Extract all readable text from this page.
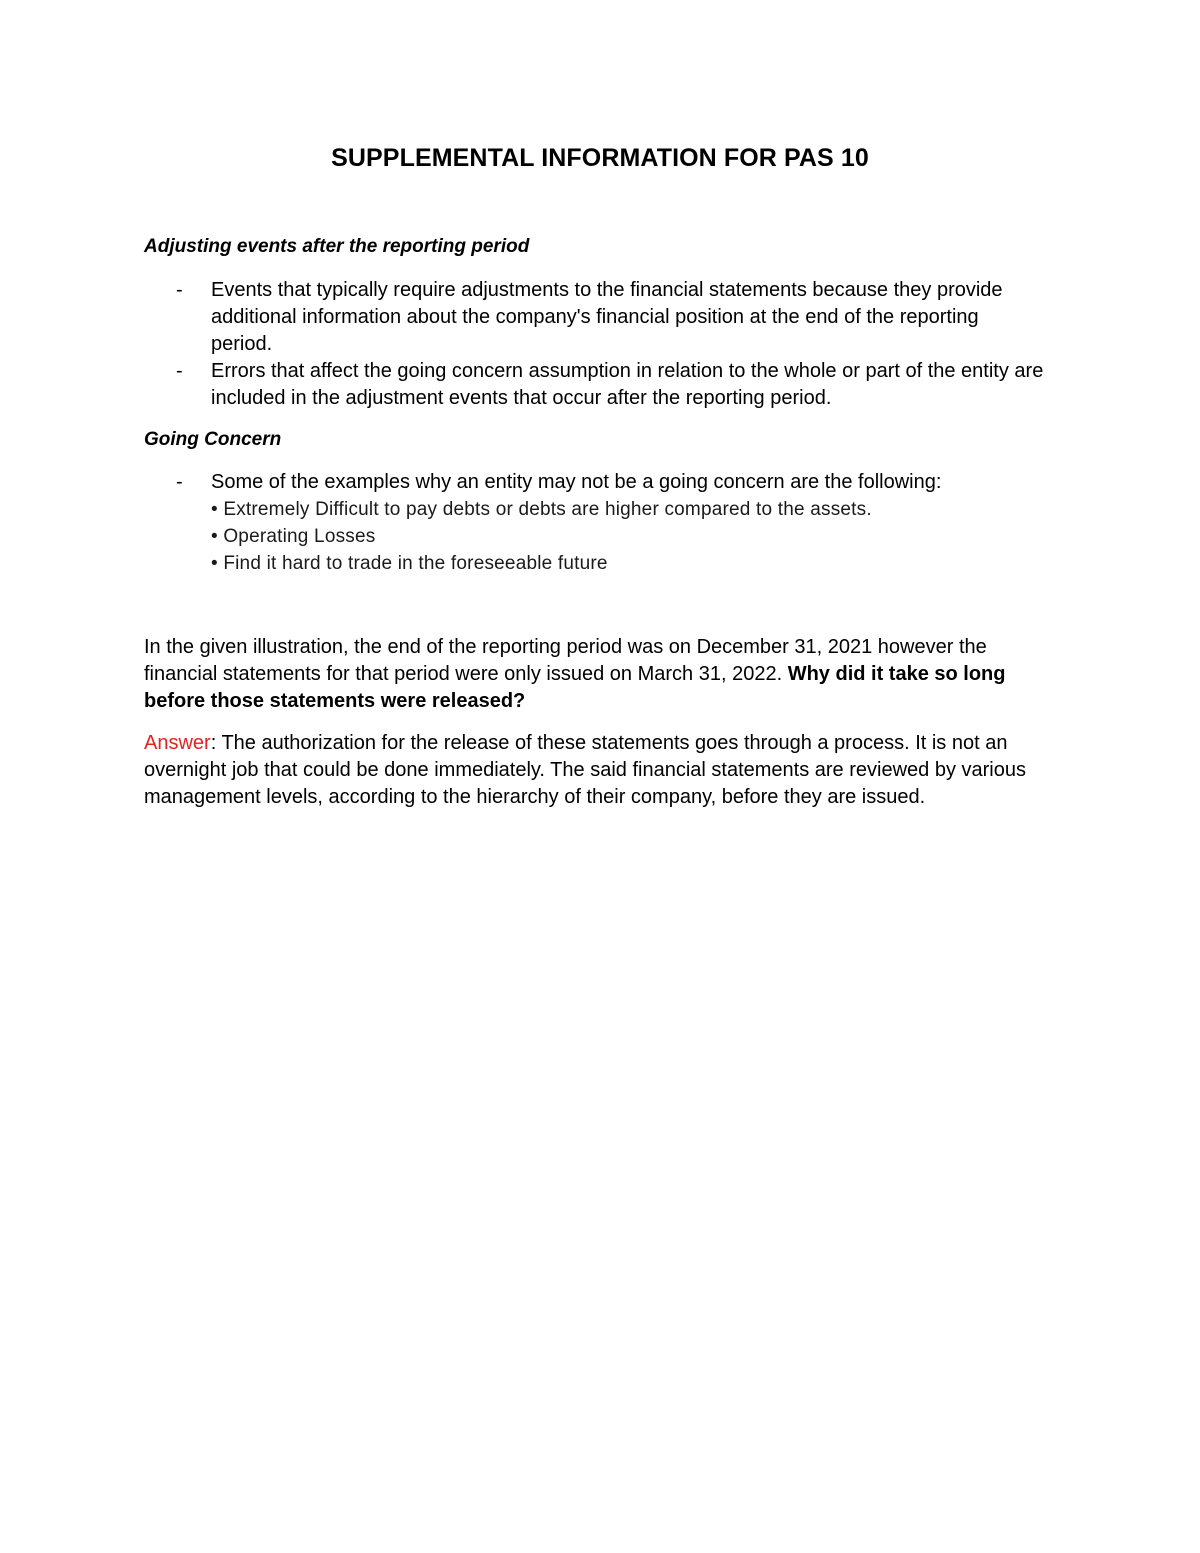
SUPPLEMENTAL INFORMATION FOR PAS 10
Adjusting events after the reporting period
- Events that typically require adjustments to the financial statements because they provide additional information about the company's financial position at the end of the reporting period.
- Errors that affect the going concern assumption in relation to the whole or part of the entity are included in the adjustment events that occur after the reporting period.
Going Concern
- Some of the examples why an entity may not be a going concern are the following:
• Extremely Difficult to pay debts or debts are higher compared to the assets.
• Operating Losses
• Find it hard to trade in the foreseeable future

In the given illustration, the end of the reporting period was on December 31, 2021 however the financial statements for that period were only issued on March 31, 2022. Why did it take so long before those statements were released?

Answer: The authorization for the release of these statements goes through a process. It is not an overnight job that could be done immediately. The said financial statements are reviewed by various management levels, according to the hierarchy of their company, before they are issued.
